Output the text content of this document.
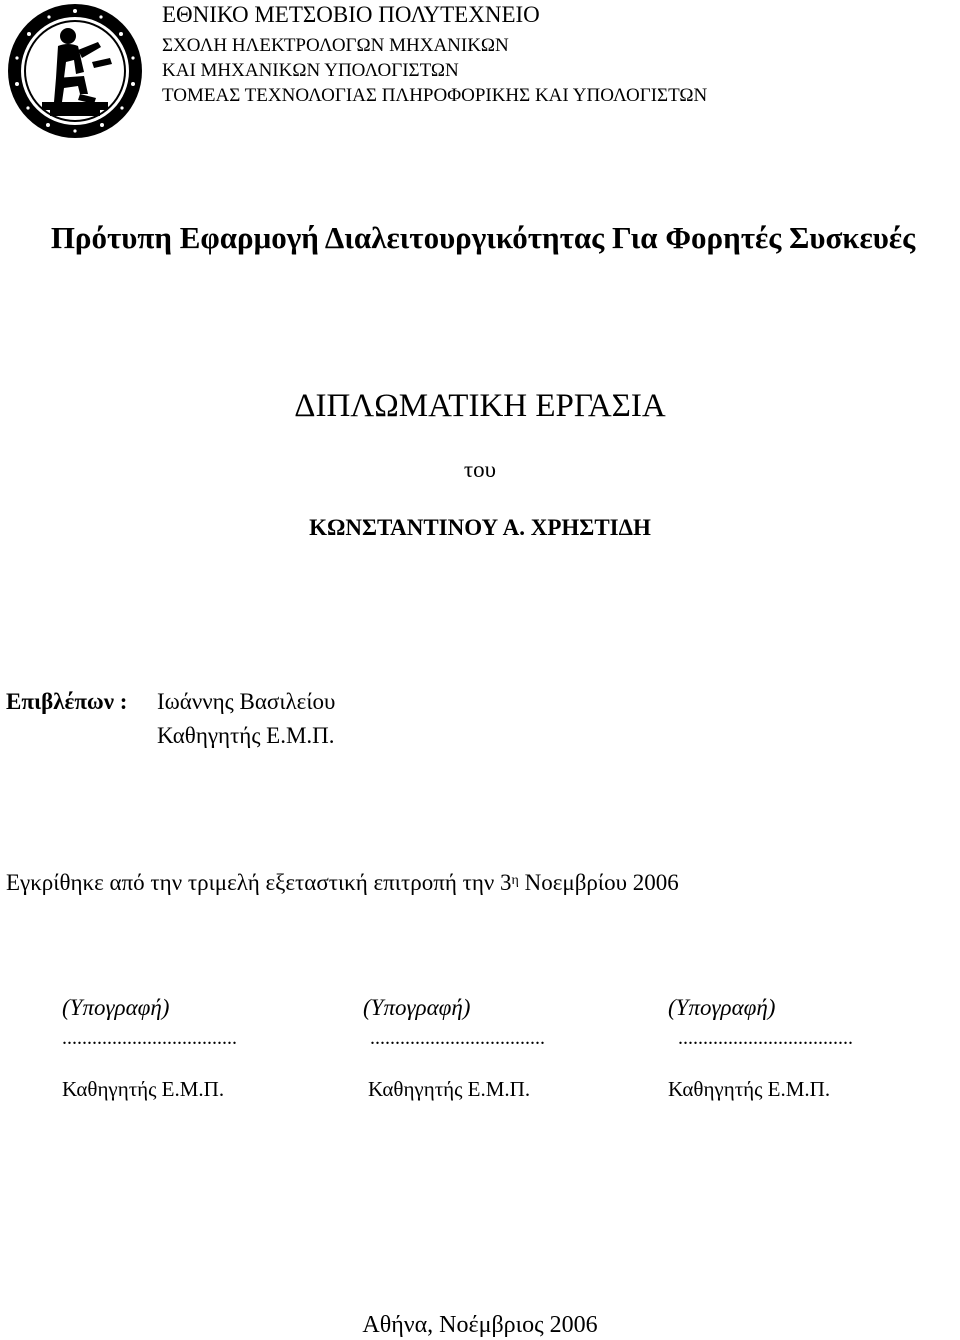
ΕΘΝΙΚΟ ΜΕΤΣΟΒΙΟ ΠΟΛΥΤΕΧΝΕΙΟ
ΣΧΟΛΗ ΗΛΕΚΤΡΟΛΟΓΩΝ ΜΗΧΑΝΙΚΩΝ
ΚΑΙ ΜΗΧΑΝΙΚΩΝ ΥΠΟΛΟΓΙΣΤΩΝ
ΤΟΜΕΑΣ ΤΕΧΝΟΛΟΓΙΑΣ ΠΛΗΡΟΦΟΡΙΚΗΣ ΚΑΙ ΥΠΟΛΟΓΙΣΤΩΝ
Πρότυπη Εφαρμογή Διαλειτουργικότητας Για Φορητές Συσκευές
ΔΙΠΛΩΜΑΤΙΚΗ ΕΡΓΑΣΙΑ
του
ΚΩΝΣΤΑΝΤΙΝΟΥ Α. ΧΡΗΣΤΙΔΗ
Επιβλέπων : Ιωάννης Βασιλείου
Καθηγητής Ε.Μ.Π.
Εγκρίθηκε από την τριμελή εξεταστική επιτροπή την $3^\eta$ Νοεμβρίου 2006
(Υπογραφή)	(Υπογραφή)	(Υπογραφή)
...................................	...................................	...................................
Καθηγητής Ε.Μ.Π.	Καθηγητής Ε.Μ.Π.	Καθηγητής Ε.Μ.Π.
Αθήνα, Νοέμβριος 2006
